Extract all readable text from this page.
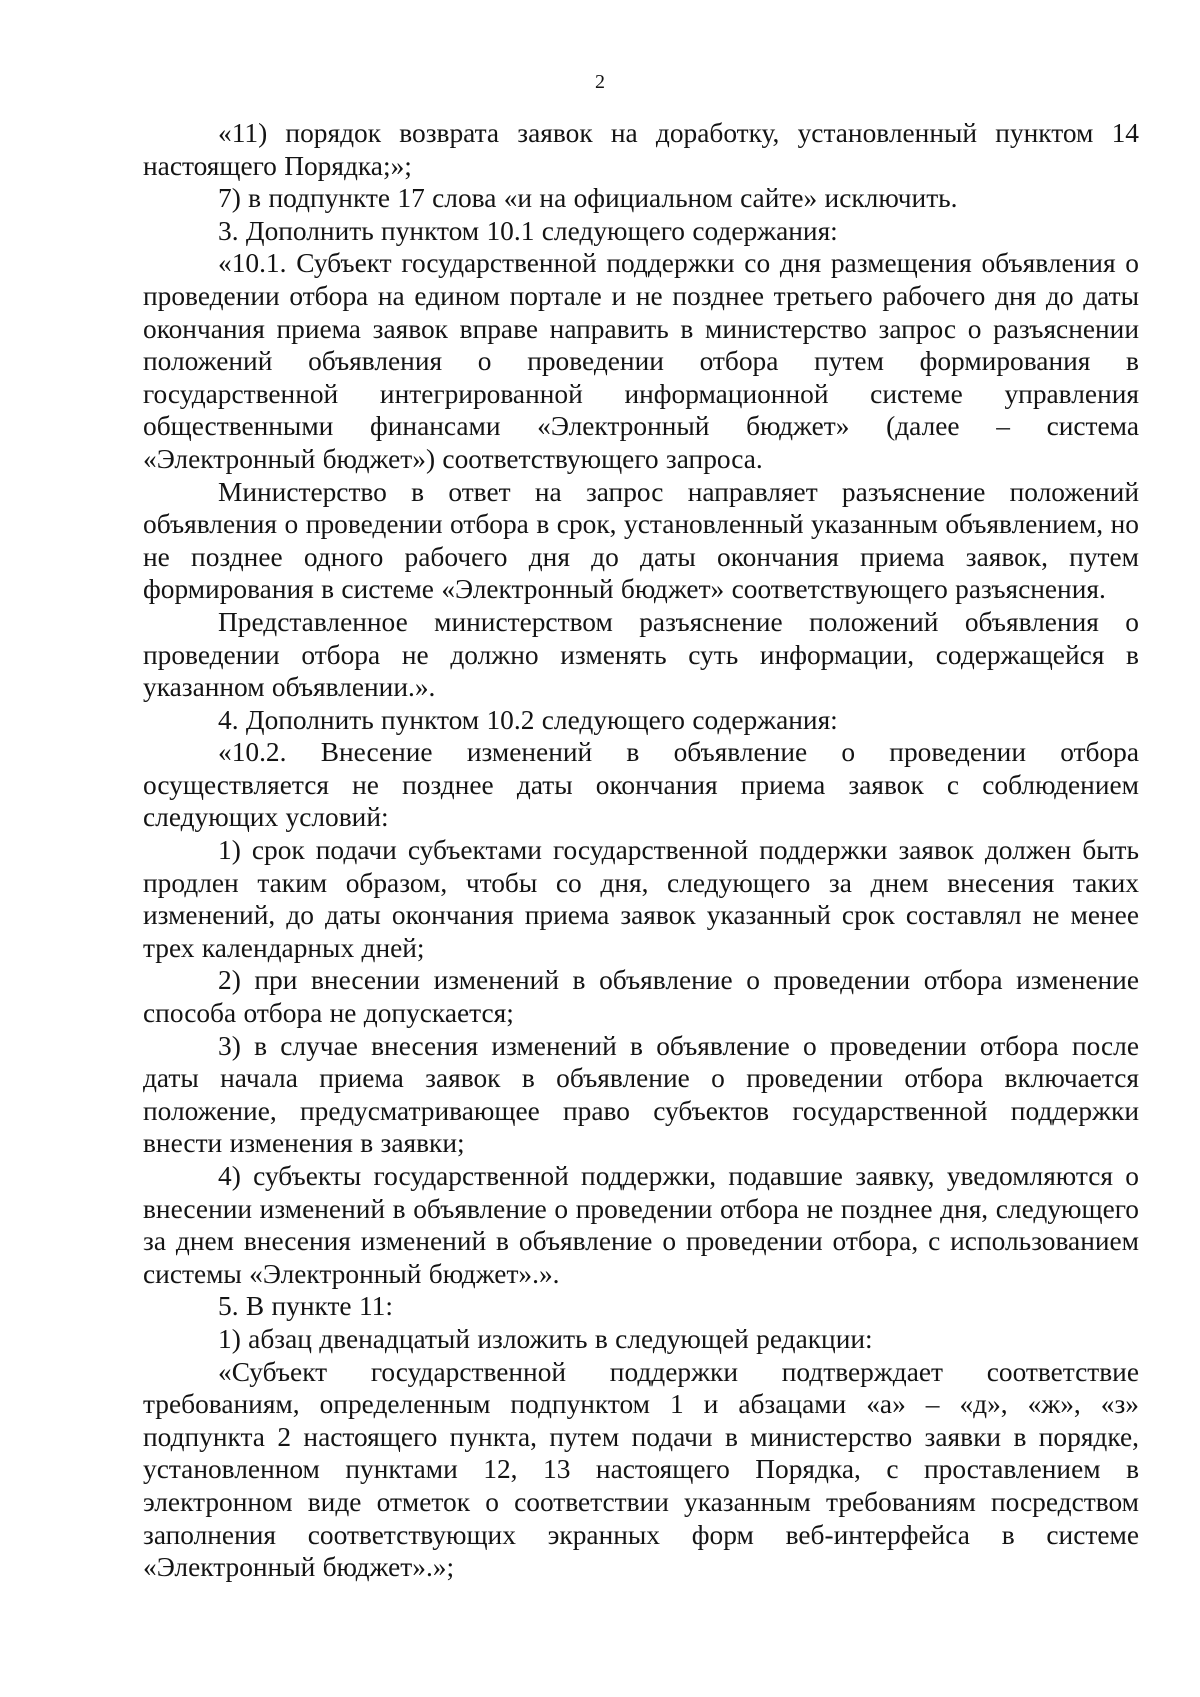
2

«11) порядок возврата заявок на доработку, установленный пунктом 14 настоящего Порядка;»;

7) в подпункте 17 слова «и на официальном сайте» исключить.

3. Дополнить пунктом 10.1 следующего содержания:

«10.1. Субъект государственной поддержки со дня размещения объявления о проведении отбора на едином портале и не позднее третьего рабочего дня до даты окончания приема заявок вправе направить в министерство запрос о разъяснении положений объявления о проведении отбора путем формирования в государственной интегрированной информационной системе управления общественными финансами «Электронный бюджет» (далее – система «Электронный бюджет») соответствующего запроса.

Министерство в ответ на запрос направляет разъяснение положений объявления о проведении отбора в срок, установленный указанным объявлением, но не позднее одного рабочего дня до даты окончания приема заявок, путем формирования в системе «Электронный бюджет» соответствующего разъяснения.

Представленное министерством разъяснение положений объявления о проведении отбора не должно изменять суть информации, содержащейся в указанном объявлении.».

4. Дополнить пунктом 10.2 следующего содержания:

«10.2. Внесение изменений в объявление о проведении отбора осуществляется не позднее даты окончания приема заявок с соблюдением следующих условий:

1) срок подачи субъектами государственной поддержки заявок должен быть продлен таким образом, чтобы со дня, следующего за днем внесения таких изменений, до даты окончания приема заявок указанный срок составлял не менее трех календарных дней;

2) при внесении изменений в объявление о проведении отбора изменение способа отбора не допускается;

3) в случае внесения изменений в объявление о проведении отбора после даты начала приема заявок в объявление о проведении отбора включается положение, предусматривающее право субъектов государственной поддержки внести изменения в заявки;

4) субъекты государственной поддержки, подавшие заявку, уведомляются о внесении изменений в объявление о проведении отбора не позднее дня, следующего за днем внесения изменений в объявление о проведении отбора, с использованием системы «Электронный бюджет».».

5. В пункте 11:

1) абзац двенадцатый изложить в следующей редакции:

«Субъект государственной поддержки подтверждает соответствие требованиям, определенным подпунктом 1 и абзацами «а» – «д», «ж», «з» подпункта 2 настоящего пункта, путем подачи в министерство заявки в порядке, установленном пунктами 12, 13 настоящего Порядка, с проставлением в электронном виде отметок о соответствии указанным требованиям посредством заполнения соответствующих экранных форм веб-интерфейса в системе «Электронный бюджет».»;
